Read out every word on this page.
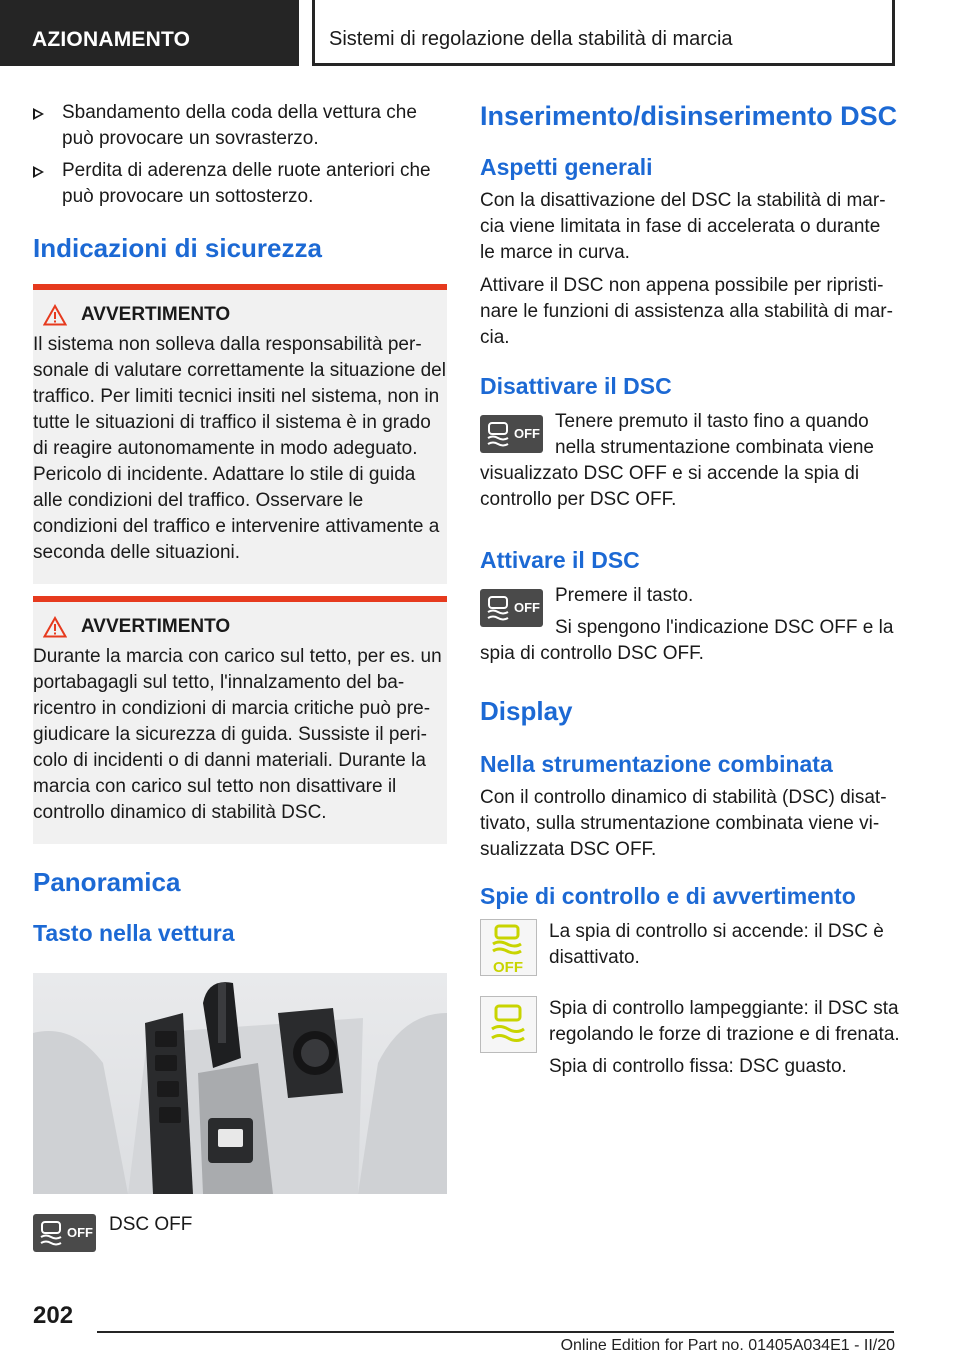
AZIONAMENTO	Sistemi di regolazione della stabilità di marcia
Sbandamento della coda della vettura che può provocare un sovrasterzo.
Perdita di aderenza delle ruote anteriori che può provocare un sottosterzo.
Indicazioni di sicurezza
AVVERTIMENTO

Il sistema non solleva dalla responsabilità personale di valutare correttamente la situazione del traffico. Per limiti tecnici insiti nel sistema, non in tutte le situazioni di traffico il sistema è in grado di reagire autonomamente in modo adeguato. Pericolo di incidente. Adattare lo stile di guida alle condizioni del traffico. Osservare le condizioni del traffico e intervenire attivamente a seconda delle situazioni.

AVVERTIMENTO

Durante la marcia con carico sul tetto, per es. un portabagagli sul tetto, l'innalzamento del baricentro in condizioni di marcia critiche può pregiudicare la sicurezza di guida. Sussiste il pericolo di incidenti o di danni materiali. Durante la marcia con carico sul tetto non disattivare il controllo dinamico di stabilità DSC.

Panoramica
Tasto nella vettura
OFF DSC OFF

Inserimento/disinserimento DSC
Aspetti generali

Con la disattivazione del DSC la stabilità di marcia viene limitata in fase di accelerata o durante le marce in curva.

Attivare il DSC non appena possibile per ripristinare le funzioni di assistenza alla stabilità di marcia.

Disattivare il DSC
OFF

Tenere premuto il tasto fino a quando nella strumentazione combinata viene visualizzato DSC OFF e si accende la spia di controllo per DSC OFF.

Attivare il DSC
OFF

Premere il tasto.

Si spengono l'indicazione DSC OFF e la spia di controllo DSC OFF.

Display
Nella strumentazione combinata

Con il controllo dinamico di stabilità (DSC) disattivato, sulla strumentazione combinata viene visualizzata DSC OFF.

Spie di controllo e di avvertimento
OFF

La spia di controllo si accende: il DSC è disattivato.

Spia di controllo lampeggiante: il DSC sta regolando le forze di trazione e di frenata.

Spia di controllo fissa: DSC guasto.

202
Online Edition for Part no. 01405A034E1 - II/20
